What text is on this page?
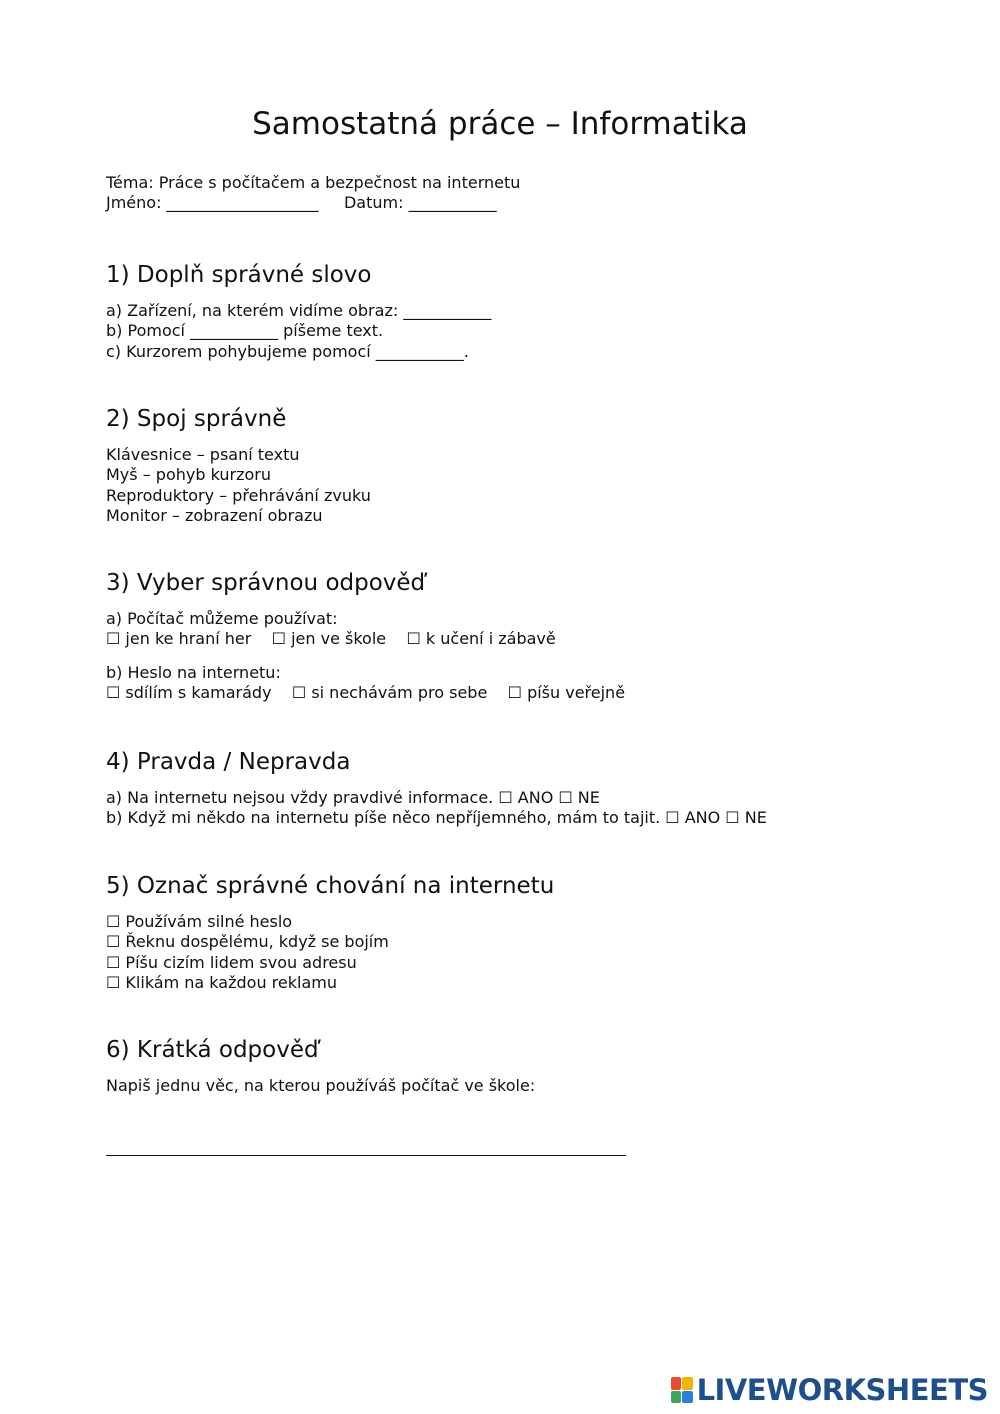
Samostatná práce – Informatika
Téma: Práce s počítačem a bezpečnost na internetu
Jméno: ___________________     Datum: ___________
1) Doplň správné slovo
a) Zařízení, na kterém vidíme obraz: ___________
b) Pomocí ___________ píšeme text.
c) Kurzorem pohybujeme pomocí ___________.
2) Spoj správně
Klávesnice – psaní textu
Myš – pohyb kurzoru
Reproduktory – přehrávání zvuku
Monitor – zobrazení obrazu
3) Vyber správnou odpověď
a) Počítač můžeme používat:
☐ jen ke hraní her    ☐ jen ve škole    ☐ k učení i zábavě
b) Heslo na internetu:
☐ sdílím s kamarády    ☐ si nechávám pro sebe    ☐ píšu veřejně
4) Pravda / Nepravda
a) Na internetu nejsou vždy pravdivé informace. ☐ ANO ☐ NE
b) Když mi někdo na internetu píše něco nepříjemného, mám to tajit. ☐ ANO ☐ NE
5) Označ správné chování na internetu
☐ Používám silné heslo
☐ Řeknu dospělému, když se bojím
☐ Píšu cizím lidem svou adresu
☐ Klikám na každou reklamu
6) Krátká odpověď
Napiš jednu věc, na kterou používáš počítač ve škole:
LIVEWORKSHEETS
